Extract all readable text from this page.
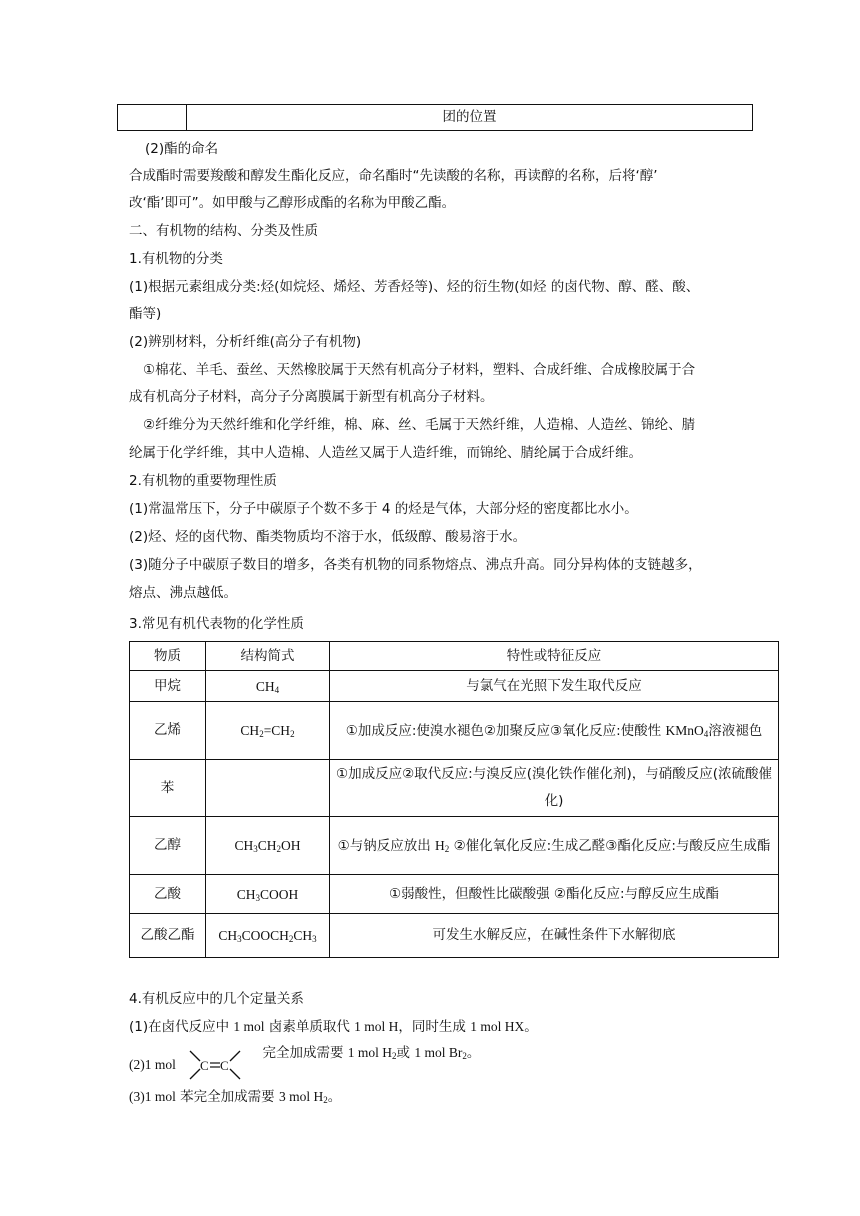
团的位置
(2)酯的命名
合成酯时需要羧酸和醇发生酯化反应，命名酯时“先读酸的名称，再读醇的名称，后将‘醇’
改‘酯’即可”。如甲酸与乙醇形成酯的名称为甲酸乙酯。
二、有机物的结构、分类及性质
1.有机物的分类
(1)根据元素组成分类:烃(如烷烃、烯烃、芳香烃等)、烃的衍生物(如烃 的卤代物、醇、醛、酸、
酯等)
(2)辨别材料，分析纤维(高分子有机物)
①棉花、羊毛、蚕丝、天然橡胶属于天然有机高分子材料，塑料、合成纤维、合成橡胶属于合
成有机高分子材料，高分子分离膜属于新型有机高分子材料。
②纤维分为天然纤维和化学纤维，棉、麻、丝、毛属于天然纤维，人造棉、人造丝、锦纶、腈
纶属于化学纤维，其中人造棉、人造丝又属于人造纤维，而锦纶、腈纶属于合成纤维。
2.有机物的重要物理性质
(1)常温常压下，分子中碳原子个数不多于 4 的烃是气体，大部分烃的密度都比水小。
(2)烃、烃的卤代物、酯类物质均不溶于水，低级醇、酸易溶于水。
(3)随分子中碳原子数目的增多，各类有机物的同系物熔点、沸点升高。同分异构体的支链越多，
熔点、沸点越低。
3.常见有机代表物的化学性质
物质	结构简式	特性或特征反应
甲烷	$CH_4$	与氯气在光照下发生取代反应
乙烯	$CH_2=CH_2$	①加成反应:使溴水褪色②加聚反应③氧化反应:使酸性 KMnO$_4$溶液褪色
苯		①加成反应②取代反应:与溴反应(溴化铁作催化剂)，与硝酸反应(浓硫酸催化)
乙醇	$CH_3CH_2OH$	①与钠反应放出 $H_2$ ②催化氧化反应:生成乙醛③酯化反应:与酸反应生成酯
乙酸	$CH_3COOH$	①弱酸性，但酸性比碳酸强 ②酯化反应:与醇反应生成酯
乙酸乙酯	$CH_3COOCH_2CH_3$	可发生水解反应，在碱性条件下水解彻底
4.有机反应中的几个定量关系
(1)在卤代反应中 1 mol 卤素单质取代 1 mol H，同时生成 1 mol HX。
(2)1 mol C C
完全加成需要 1 mol $H_2$或 1 mol $Br_2$。
(3)1 mol 苯完全加成需要 3 mol $H_2$。
